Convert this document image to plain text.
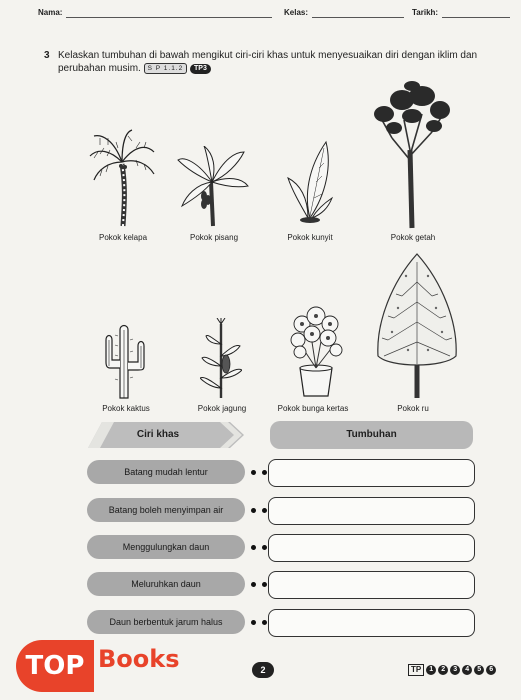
Nama:	Kelas:	Tarikh:
3 Kelaskan tumbuhan di bawah mengikut ciri-ciri khas untuk menyesuaikan diri dengan iklim dan perubahan musim. S P 1.1.2 TP3
Pokok kelapa	Pokok pisang	Pokok kunyit	Pokok getah
Pokok kaktus	Pokok jagung	Pokok bunga kertas	Pokok ru
Ciri khas	Tumbuhan
Batang mudah lentur
Batang boleh menyimpan air
Menggulungkan daun
Meluruhkan daun
Daun berbentuk jarum halus
2	TP	1	2	3	4	5	6
TOP Books
